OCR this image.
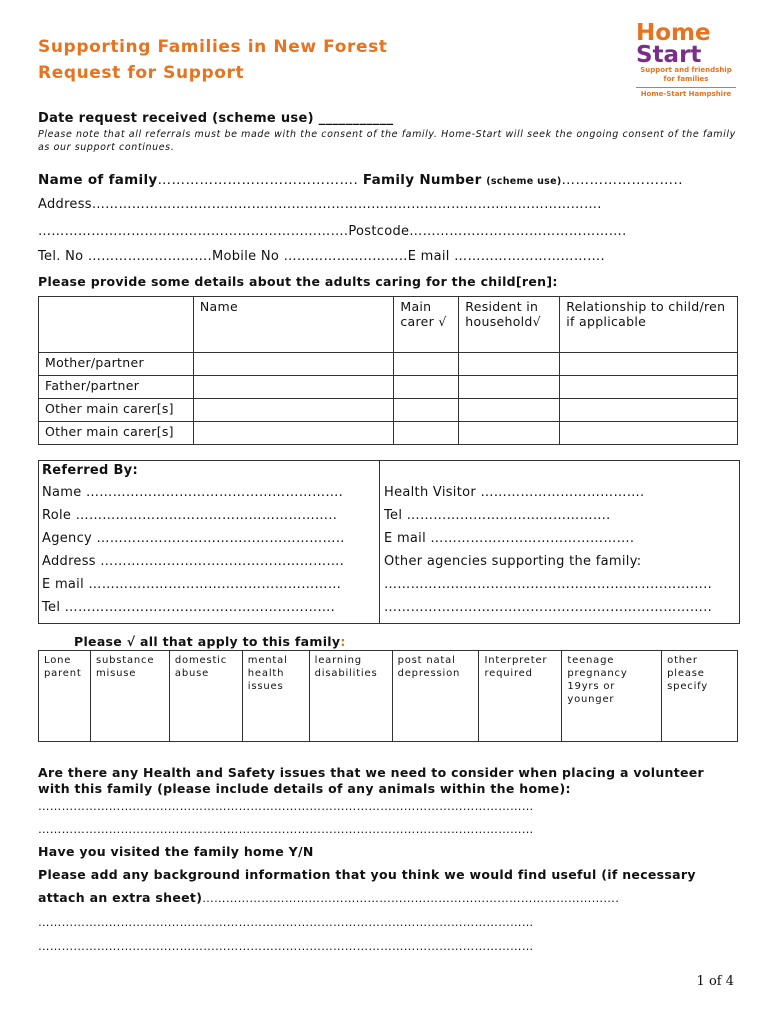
Supporting Families in New Forest
Request for Support
Home
Start
Support and friendship
for families
Home-Start Hampshire
Date request received (scheme use) ___________
Please note that all referrals must be made with the consent of the family. Home-Start will seek the ongoing consent of the family as our support continues.
Name of family……………………………………. Family Number (scheme use)……………………..
Address…………………………………………………………………………………………………….
…………………………………………………………….Postcode………………………………………….
Tel. No ……………………….Mobile No ………………..……..E mail …………………………….
Please provide some details about the adults caring for the child[ren]:
	Name	Main carer √	Resident in household√	Relationship to child/ren if applicable
Mother/partner				
Father/partner				
Other main carer[s]				
Other main carer[s]				
Referred By:
Name ………………………………………………….
Role …………………………………………………..
Agency ………………………………………………..
Address ……………………………………………….
E mail …………………………………………………
Tel …………………………………………………….
Health Visitor ……………………………….
Tel ……………………………………….
E mail ……………………………………….
Other agencies supporting the family:
………………………………………………………………..
………………………………………………………………..
Please √ all that apply to this family:
Lone parent	substance misuse	domestic abuse	mental health issues	learning disabilities	post natal depression	Interpreter required	teenage pregnancy 19yrs or younger	other please specify
Are there any Health and Safety issues that we need to consider when placing a volunteer with this family (please include details of any animals within the home):
………………………………………………………………………………………………………………
………………………………………………………………………………………………………………
Have you visited the family home Y/N
Please add any background information that you think we would find useful (if necessary
attach an extra sheet)…………………………………………………………………………………………….
………………………………………………………………………………………………………………
………………………………………………………………………………………………………………
1 of 4
